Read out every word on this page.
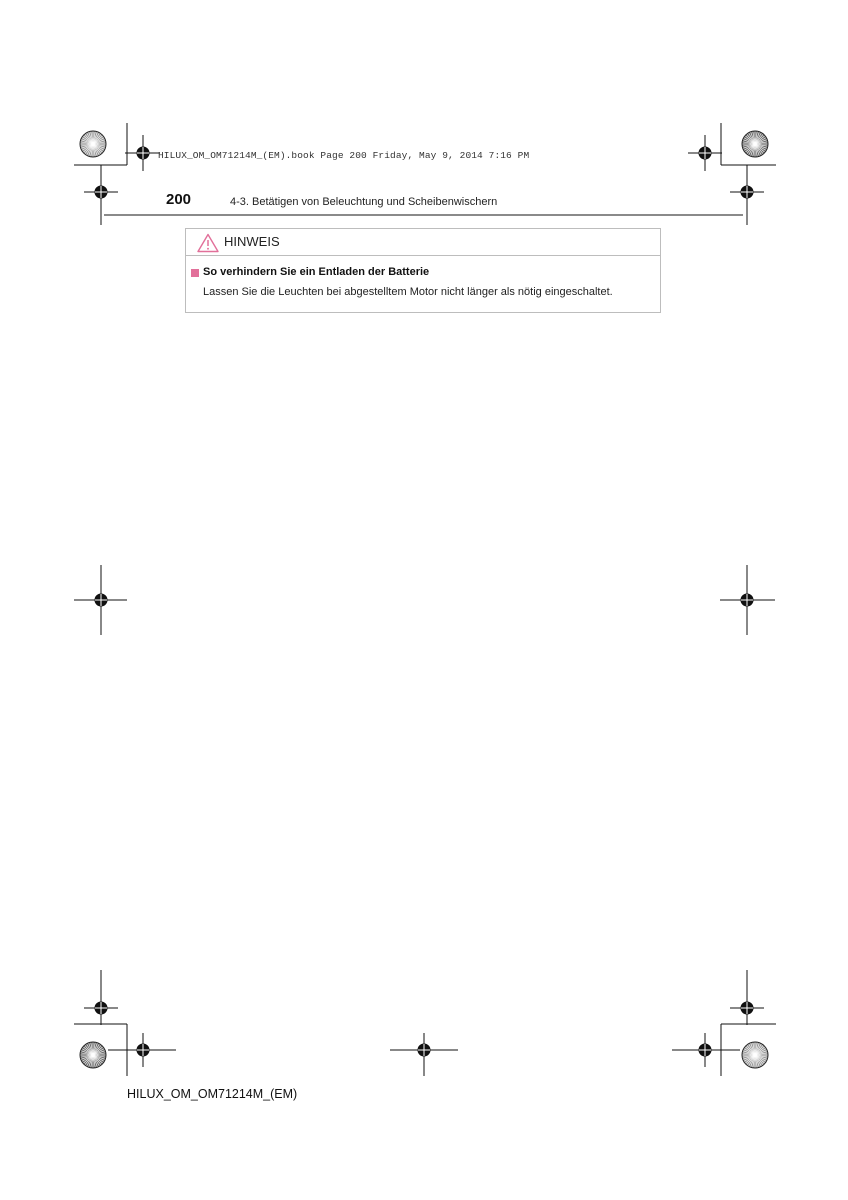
HILUX_OM_OM71214M_(EM).book Page 200 Friday, May 9, 2014 7:16 PM
200	4-3. Betätigen von Beleuchtung und Scheibenwischern
HINWEIS
So verhindern Sie ein Entladen der Batterie
Lassen Sie die Leuchten bei abgestelltem Motor nicht länger als nötig eingeschaltet.
HILUX_OM_OM71214M_(EM)
